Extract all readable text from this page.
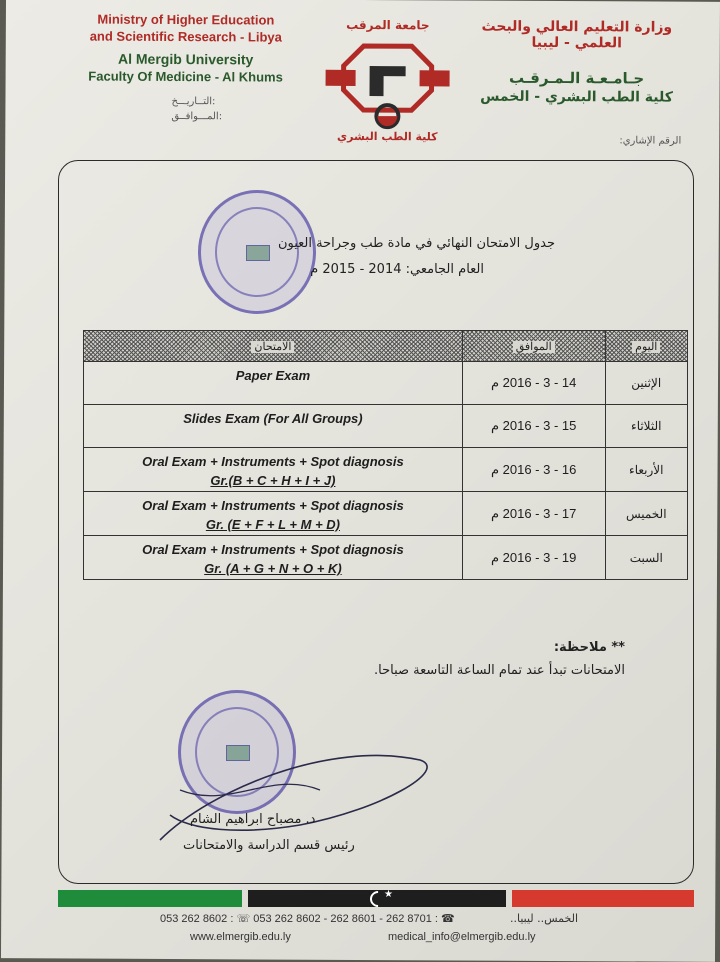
Ministry of Higher Education
and Scientific Research - Libya
Al Mergib University
Faculty Of Medicine - Al Khums
التــاريـــخ:
المـــوافــق:
جامعة المرقب
كلية الطب البشري
وزارة التعليم العالي والبحث العلمي - ليبيا
جـامـعـة الـمـرقـب
كلية الطب البشري - الخمس
الرقم الإشاري:
جدول الامتحان النهائي في مادة طب وجراحة العيون
العام الجامعي: 2014 - 2015 م
الامتحان	الموافق	اليوم

Paper Exam	14 - 3 - 2016 م	الإثنين

Slides Exam (For All Groups)	15 - 3 - 2016 م	الثلاثاء

Oral Exam + Instruments + Spot diagnosis
Gr.(B + C + H + I + J)	16 - 3 - 2016 م	الأربعاء

Oral Exam + Instruments + Spot diagnosis
Gr. (E + F + L + M + D)	17 - 3 - 2016 م	الخميس

Oral Exam + Instruments + Spot diagnosis
Gr. (A + G + N + O + K)	19 - 3 - 2016 م	السبت
** ملاحظة:
الامتحانات تبدأ عند تمام الساعة التاسعة صباحا.
د. مصباح ابراهيم الشام
رئيس قسم الدراسة والامتحانات
★
053 262 8602 : ☏ 053 262 8602 - 262 8601 - 262 8701 : ☎	الخمس.. ليبيا..
www.elmergib.edu.ly	medical_info@elmergib.edu.ly
